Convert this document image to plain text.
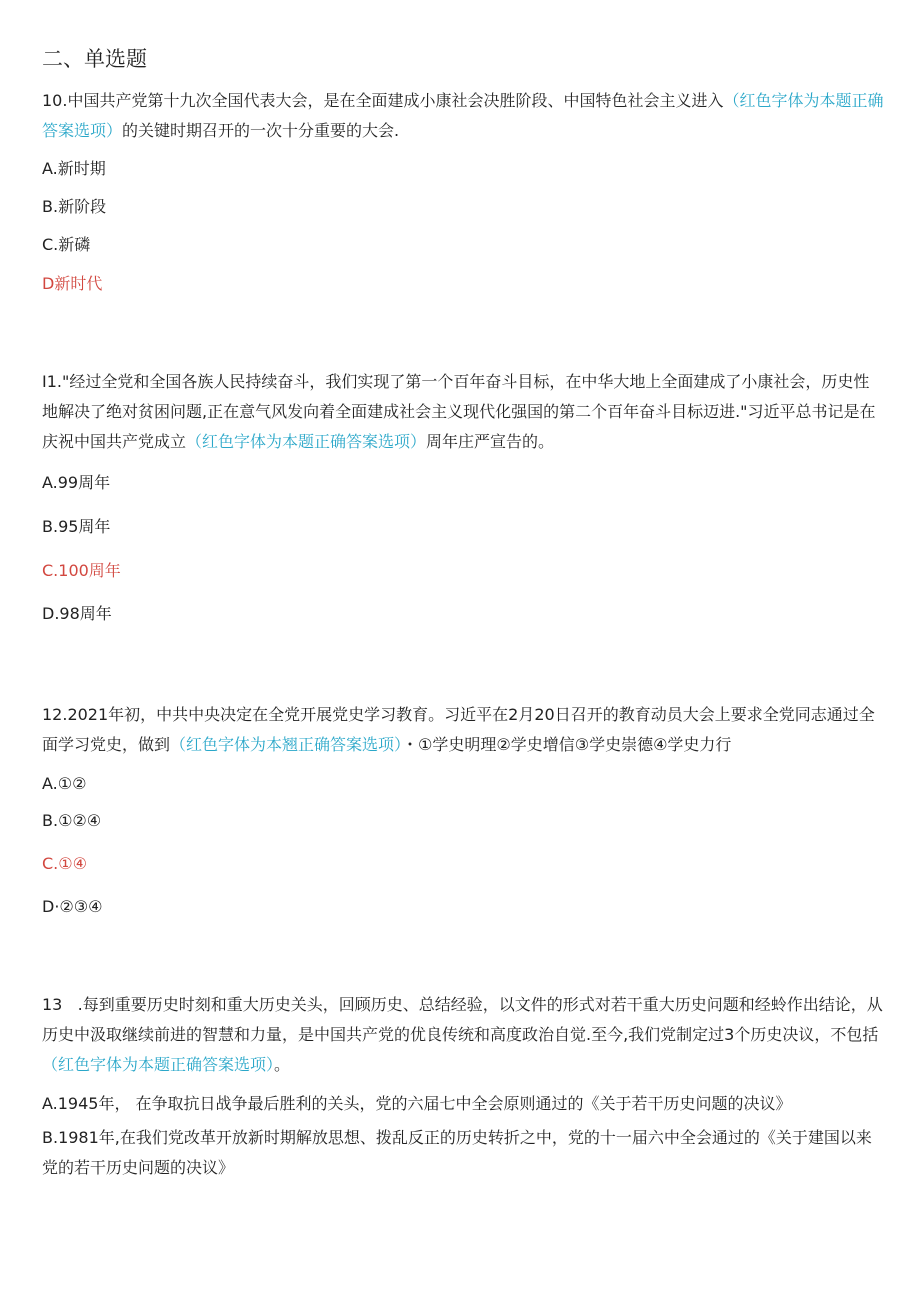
二、单选题
10.中国共产党第十九次全国代表大会，是在全面建成小康社会决胜阶段、中国特色社会主义进入（红色字体为本题正确答案选项）的关键时期召开的一次十分重要的大会.
A.新时期
B.新阶段
C.新磷
D新时代
I1."经过全党和全国各族人民持续奋斗，我们实现了第一个百年奋斗目标，在中华大地上全面建成了小康社会，历史性地解决了绝对贫困问题,正在意气风发向着全面建成社会主义现代化强国的第二个百年奋斗目标迈进."习近平总书记是在庆祝中国共产党成立（红色字体为本题正确答案选项）周年庄严宣告的。
A.99周年
B.95周年
C.100周年
D.98周年
12.2021年初，中共中央决定在全党开展党史学习教育。习近平在2月20日召开的教育动员大会上要求全党同志通过全面学习党史，做到（红色字体为本翘正确答案选项）・①学史明理②学史增信③学史崇德④学史力行
A.①②
B.①②④
C.①④
D·②③④
13   .每到重要历史时刻和重大历史关头，回顾历史、总结经验，以文件的形式对若干重大历史问题和经蛉作出结论，从历史中汲取继续前进的智慧和力量，是中国共产党的优良传统和高度政治自觉.至今,我们党制定过3个历史决议，不包括（红色字体为本题正确答案选项）。
A.1945年， 在争取抗日战争最后胜利的关头，党的六届七中全会原则通过的《关于若干历史问题的决议》
B.1981年,在我们党改革开放新时期解放思想、拨乱反正的历史转折之中，党的十一届六中全会通过的《关于建国以来党的若干历史问题的决议》
